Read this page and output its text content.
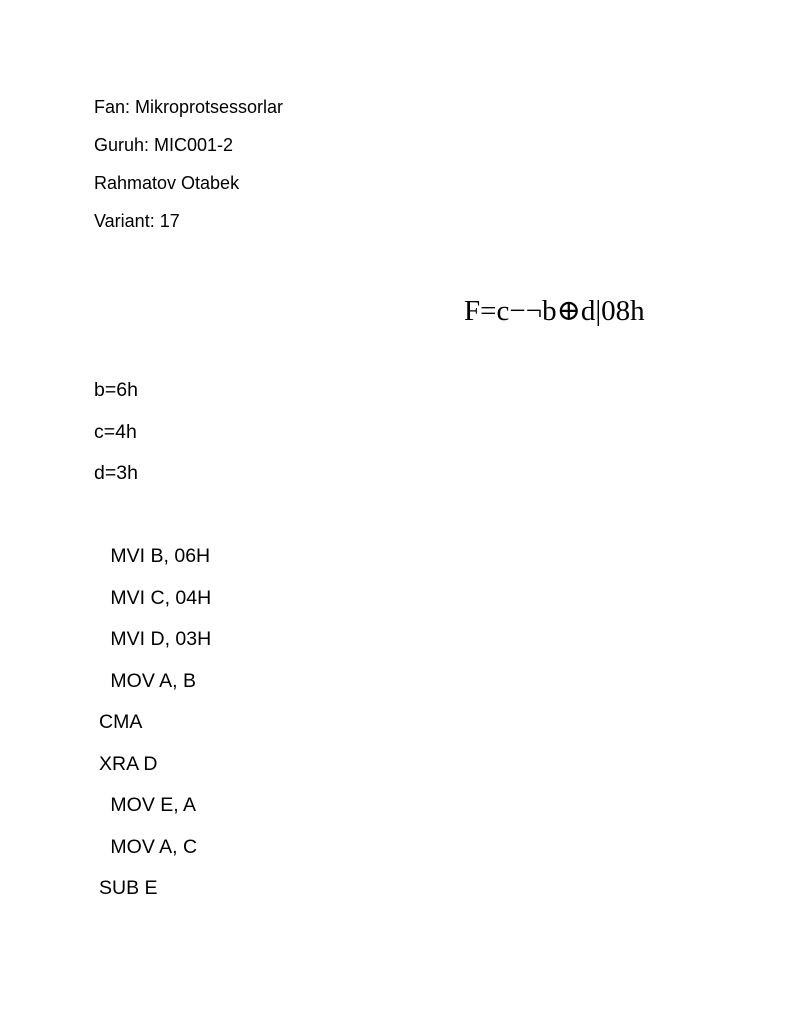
Fan: Mikroprotsessorlar
Guruh: MIC001-2
Rahmatov Otabek
Variant: 17
F=c−¬b⊕d|08h
b=6h
c=4h
d=3h
MVI B, 06H
MVI C, 04H
MVI D, 03H
MOV A, B
CMA
XRA D
MOV E, A
MOV A, C
SUB E
